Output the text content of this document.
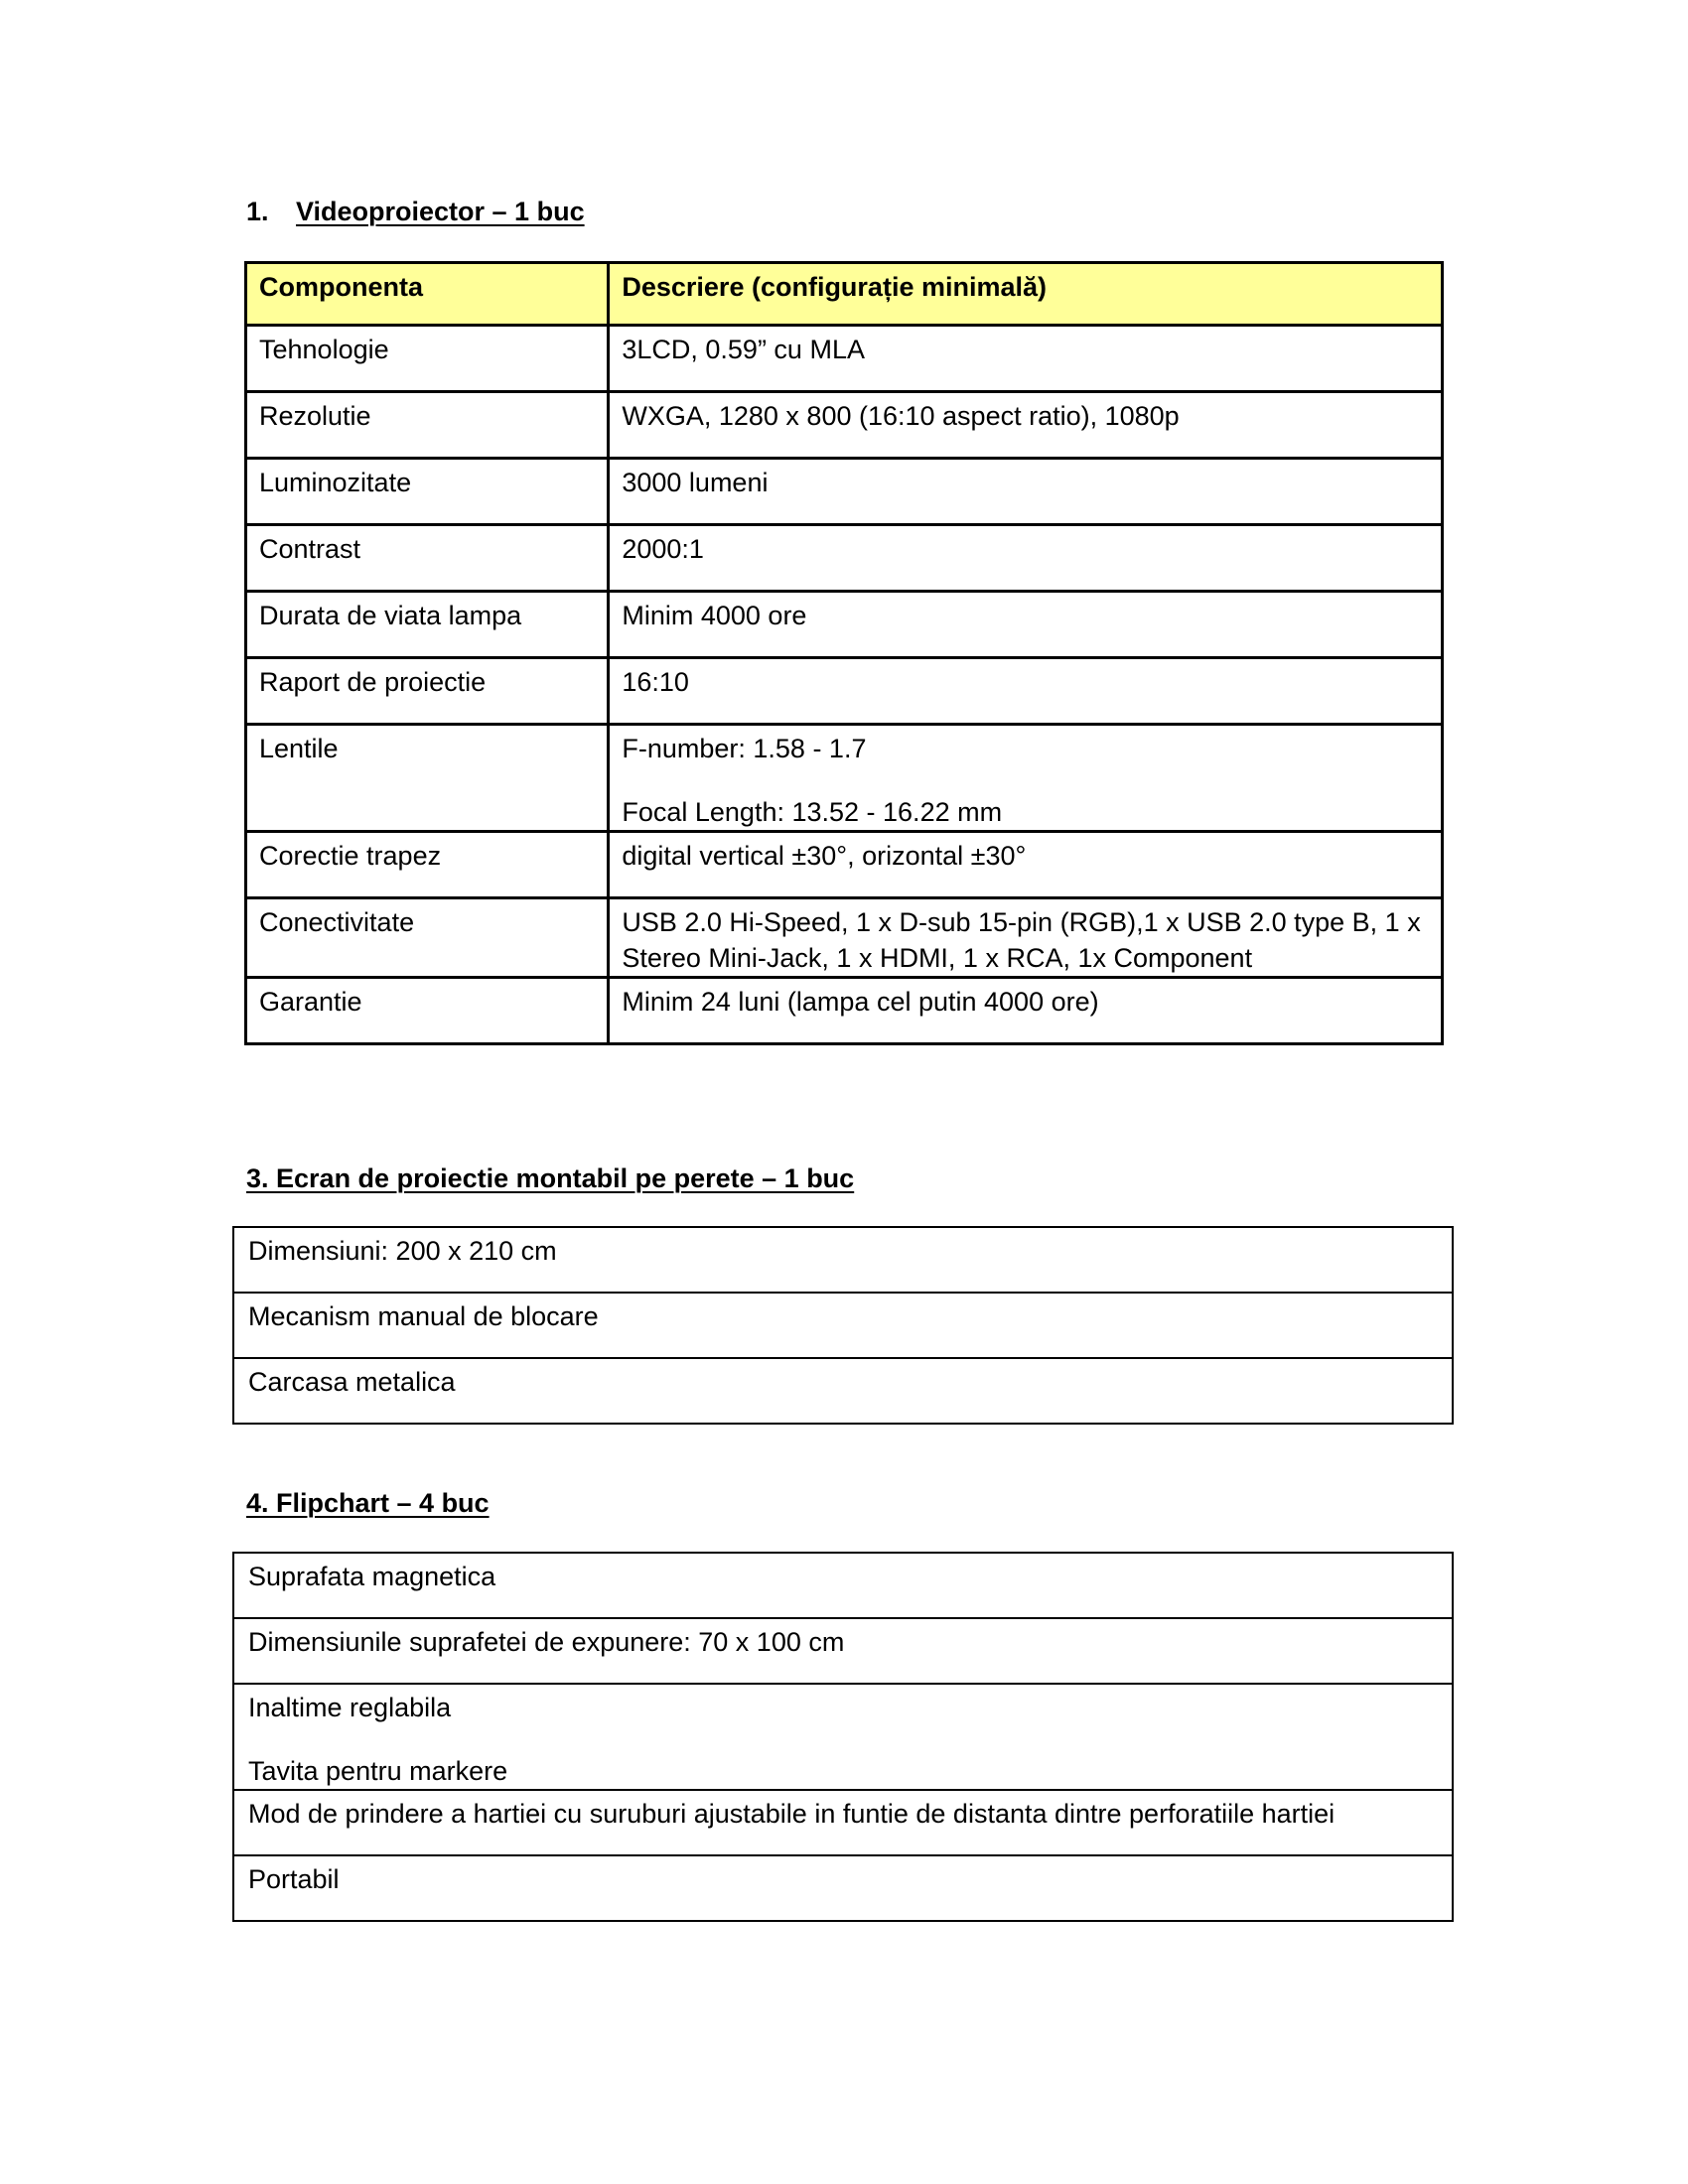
1. Videoproiector – 1 buc
Componenta	Descriere (configurație minimală)
Tehnologie	3LCD, 0.59” cu MLA

Rezolutie	WXGA, 1280 x 800 (16:10 aspect ratio), 1080p

Luminozitate	3000 lumeni

Contrast	2000:1

Durata de viata lampa	Minim 4000 ore

Raport de proiectie	16:10

Lentile	F-number: 1.58 - 1.7

Focal Length: 13.52 - 16.22 mm

Corectie trapez	digital vertical ±30°, orizontal ±30°

Conectivitate	USB 2.0 Hi-Speed, 1 x D-sub 15-pin (RGB),1 x USB 2.0 type B, 1 x Stereo Mini-Jack, 1 x HDMI, 1 x RCA, 1x Component

Garantie	Minim 24 luni (lampa cel putin 4000 ore)

3. Ecran de proiectie montabil pe perete – 1 buc

Dimensiuni: 200 x 210 cm

Mecanism manual de blocare

Carcasa metalica

4. Flipchart – 4 buc

Suprafata magnetica

Dimensiunile suprafetei de expunere: 70 x 100 cm

Inaltime reglabila

Tavita pentru markere

Mod de prindere a hartiei cu suruburi ajustabile in funtie de distanta dintre perforatiile hartiei

Portabil
